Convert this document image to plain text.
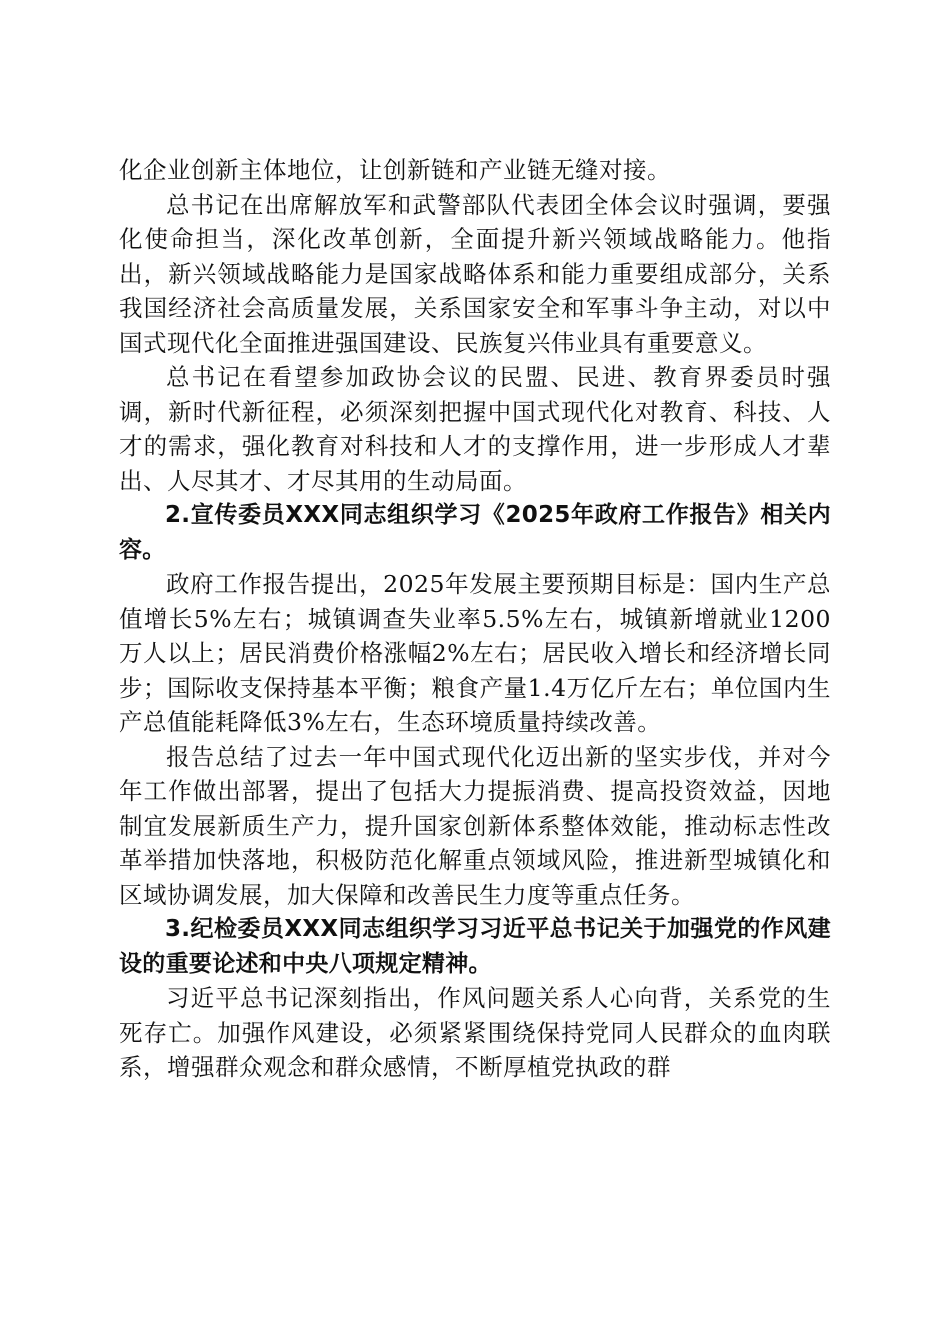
化企业创新主体地位，让创新链和产业链无缝对接。

总书记在出席解放军和武警部队代表团全体会议时强调，要强化使命担当，深化改革创新，全面提升新兴领域战略能力。他指出，新兴领域战略能力是国家战略体系和能力重要组成部分，关系我国经济社会高质量发展，关系国家安全和军事斗争主动，对以中国式现代化全面推进强国建设、民族复兴伟业具有重要意义。

总书记在看望参加政协会议的民盟、民进、教育界委员时强调，新时代新征程，必须深刻把握中国式现代化对教育、科技、人才的需求，强化教育对科技和人才的支撑作用，进一步形成人才辈出、人尽其才、才尽其用的生动局面。

2.宣传委员XXX同志组织学习《2025年政府工作报告》相关内容。

政府工作报告提出，2025年发展主要预期目标是：国内生产总值增长5%左右；城镇调查失业率5.5%左右，城镇新增就业1200万人以上；居民消费价格涨幅2%左右；居民收入增长和经济增长同步；国际收支保持基本平衡；粮食产量1.4万亿斤左右；单位国内生产总值能耗降低3%左右，生态环境质量持续改善。

报告总结了过去一年中国式现代化迈出新的坚实步伐，并对今年工作做出部署，提出了包括大力提振消费、提高投资效益，因地制宜发展新质生产力，提升国家创新体系整体效能，推动标志性改革举措加快落地，积极防范化解重点领域风险，推进新型城镇化和区域协调发展，加大保障和改善民生力度等重点任务。

3.纪检委员XXX同志组织学习习近平总书记关于加强党的作风建设的重要论述和中央八项规定精神。

习近平总书记深刻指出，作风问题关系人心向背，关系党的生死存亡。加强作风建设，必须紧紧围绕保持党同人民群众的血肉联系，增强群众观念和群众感情，不断厚植党执政的群
